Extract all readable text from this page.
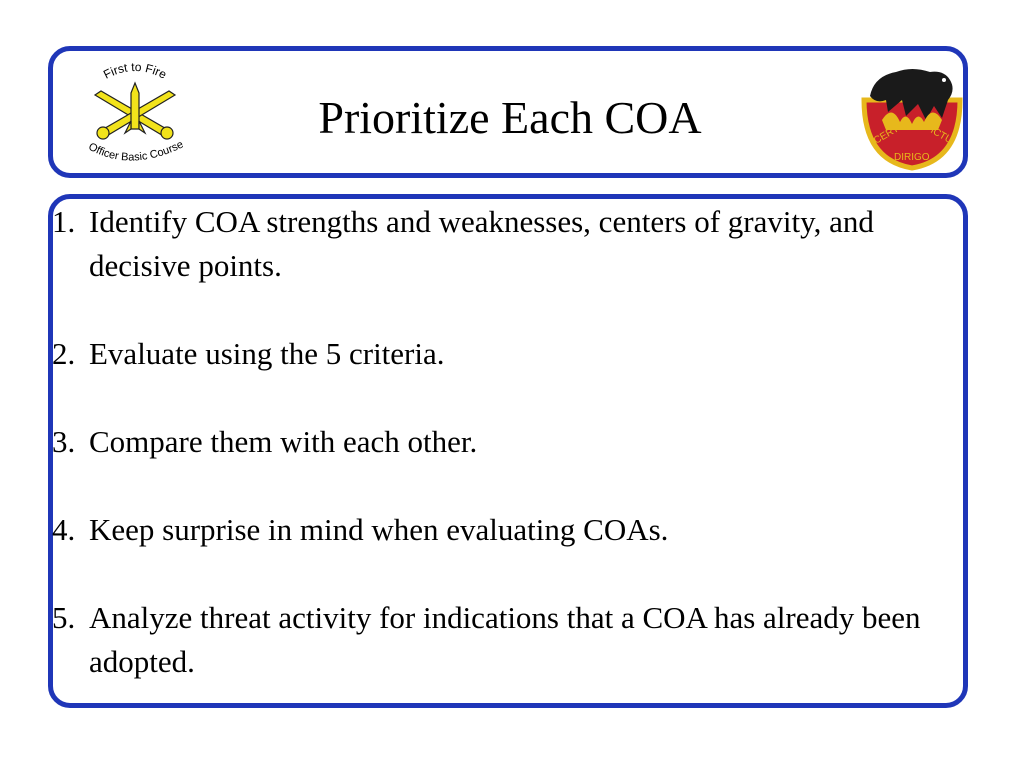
First to Fire
Officer Basic Course
Prioritize Each COA	CERTO ICTU
DIRIGO
1. Identify COA strengths and weaknesses, centers of gravity, and decisive points.
2. Evaluate using the 5 criteria.
3. Compare them with each other.
4. Keep surprise in mind when evaluating COAs.
5. Analyze threat activity for indications that a COA has already been adopted.
